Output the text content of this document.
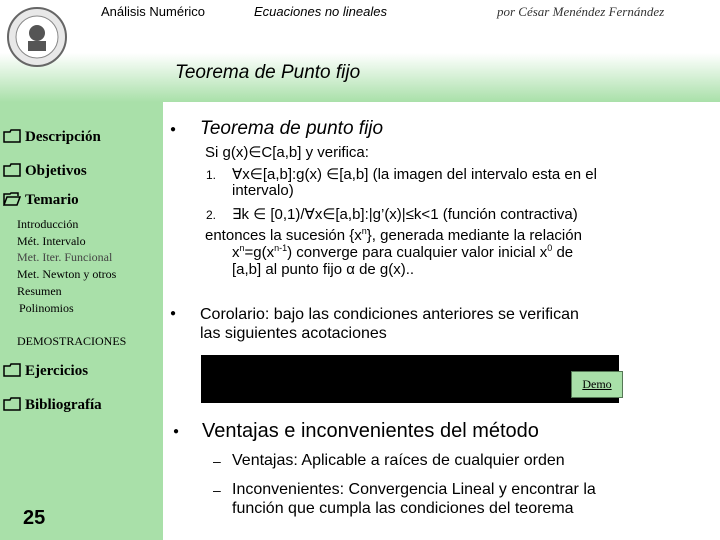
Análisis Numérico	Ecuaciones no lineales	por César Menéndez Fernández
Teorema de Punto fijo
Descripción
Objetivos
Temario
Introducción
Mét. Intervalo
Met. Iter. Funcional
Met. Newton y otros
Resumen
Polinomios
DEMOSTRACIONES
Ejercicios
Bibliografía
25
● Teorema de punto fijo
Si g(x)∈C[a,b] y verifica:
1. ∀x∈[a,b]:g(x) ∈[a,b] (la imagen del intervalo esta en el
intervalo)
2. ∃k ∈ [0,1)/∀x∈[a,b]:|g’(x)|≤k<1 (función contractiva)
entonces la sucesión $\{x^n\}$, generada mediante la relación
$x^n=g(x^{n-1})$ converge para cualquier valor inicial $x^0$ de
[a,b] al punto fijo α de g(x)..
● Corolario: bajo las condiciones anteriores se verifican
las siguientes acotaciones
Demo
● Ventajas e inconvenientes del método
– Ventajas: Aplicable a raíces de cualquier orden
– Inconvenientes: Convergencia Lineal y encontrar la
función que cumpla las condiciones del teorema
